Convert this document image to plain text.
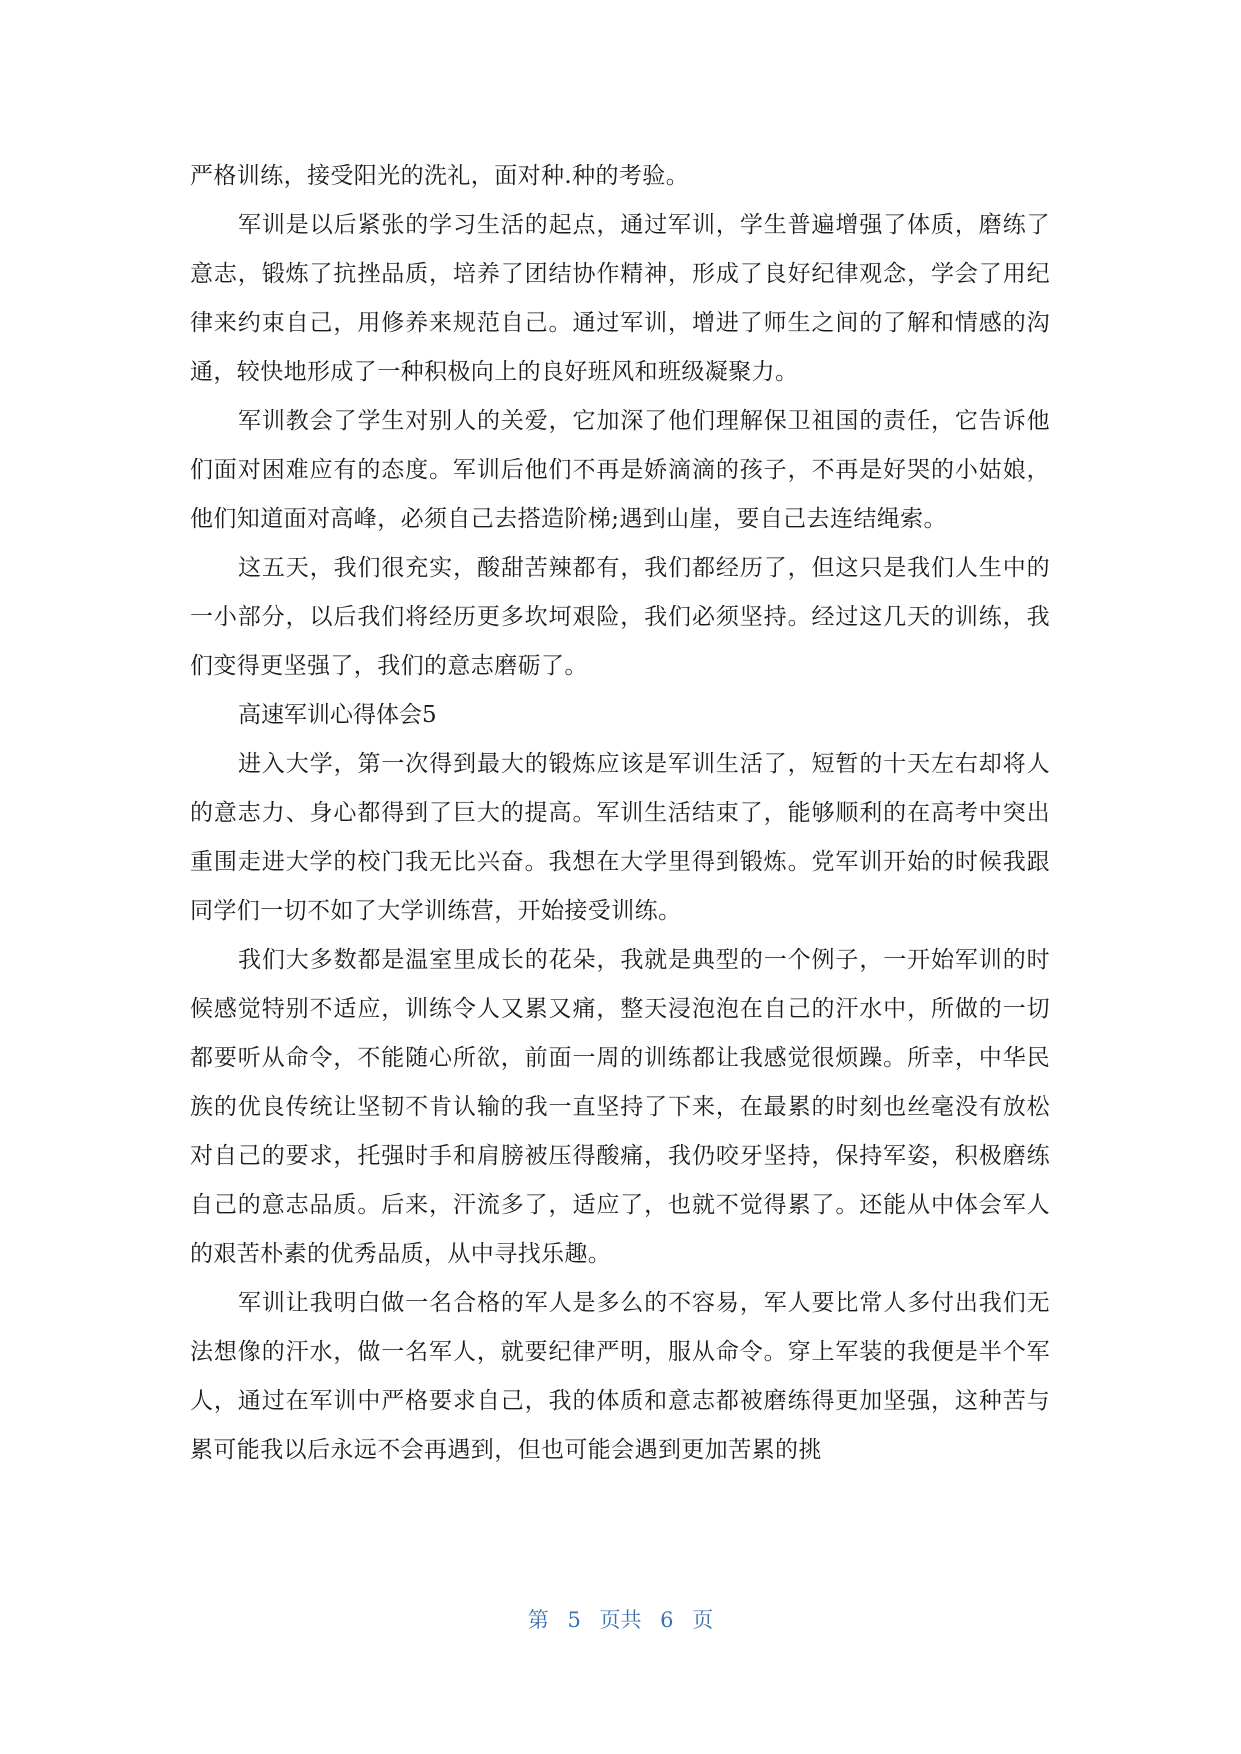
严格训练，接受阳光的洗礼，面对种.种的考验。

军训是以后紧张的学习生活的起点，通过军训，学生普遍增强了体质，磨练了意志，锻炼了抗挫品质，培养了团结协作精神，形成了良好纪律观念，学会了用纪律来约束自己，用修养来规范自己。通过军训，增进了师生之间的了解和情感的沟通，较快地形成了一种积极向上的良好班风和班级凝聚力。

军训教会了学生对别人的关爱，它加深了他们理解保卫祖国的责任，它告诉他们面对困难应有的态度。军训后他们不再是娇滴滴的孩子，不再是好哭的小姑娘，他们知道面对高峰，必须自己去搭造阶梯;遇到山崖，要自己去连结绳索。

这五天，我们很充实，酸甜苦辣都有，我们都经历了，但这只是我们人生中的一小部分，以后我们将经历更多坎坷艰险，我们必须坚持。经过这几天的训练，我们变得更坚强了，我们的意志磨砺了。

高速军训心得体会5

进入大学，第一次得到最大的锻炼应该是军训生活了，短暂的十天左右却将人的意志力、身心都得到了巨大的提高。军训生活结束了，能够顺利的在高考中突出重围走进大学的校门我无比兴奋。我想在大学里得到锻炼。党军训开始的时候我跟同学们一切不如了大学训练营，开始接受训练。

我们大多数都是温室里成长的花朵，我就是典型的一个例子，一开始军训的时候感觉特别不适应，训练令人又累又痛，整天浸泡泡在自己的汗水中，所做的一切都要听从命令，不能随心所欲，前面一周的训练都让我感觉很烦躁。所幸，中华民族的优良传统让坚韧不肯认输的我一直坚持了下来，在最累的时刻也丝毫没有放松对自己的要求，托强时手和肩膀被压得酸痛，我仍咬牙坚持，保持军姿，积极磨练自己的意志品质。后来，汗流多了，适应了，也就不觉得累了。还能从中体会军人的艰苦朴素的优秀品质，从中寻找乐趣。

军训让我明白做一名合格的军人是多么的不容易，军人要比常人多付出我们无法想像的汗水，做一名军人，就要纪律严明，服从命令。穿上军装的我便是半个军人，通过在军训中严格要求自己，我的体质和意志都被磨练得更加坚强，这种苦与累可能我以后永远不会再遇到，但也可能会遇到更加苦累的挑

第 5 页共 6 页
